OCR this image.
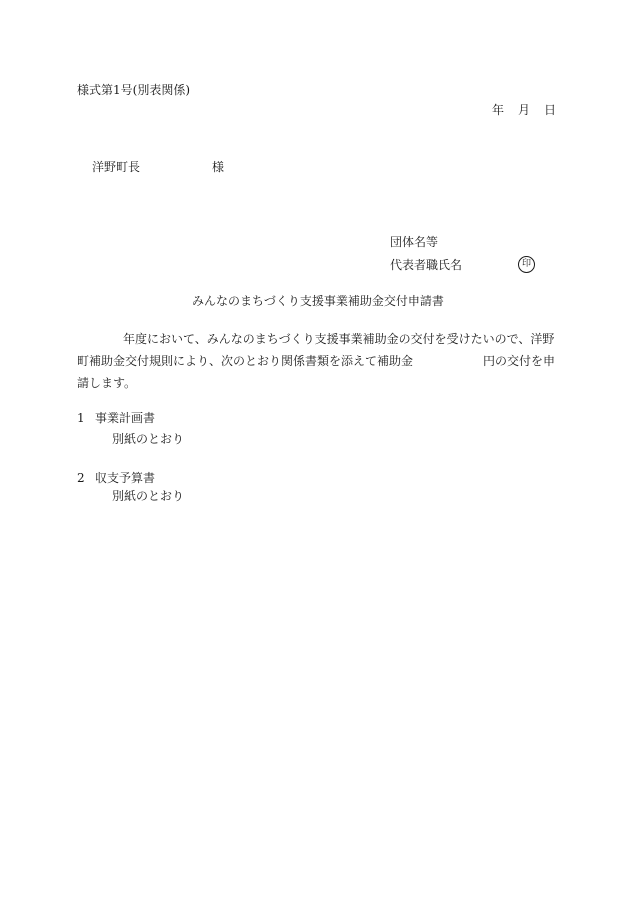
様式第1号(別表関係)
年 月 日
洋野町長	様
団体名等
代表者職氏名	印
みんなのまちづくり支援事業補助金交付申請書
年度において、みんなのまちづくり支援事業補助金の交付を受けたいので、洋野
町補助金交付規則により、次のとおり関係書類を添えて補助金	円の交付を申
請します。
1 事業計画書
別紙のとおり
2 収支予算書
別紙のとおり
